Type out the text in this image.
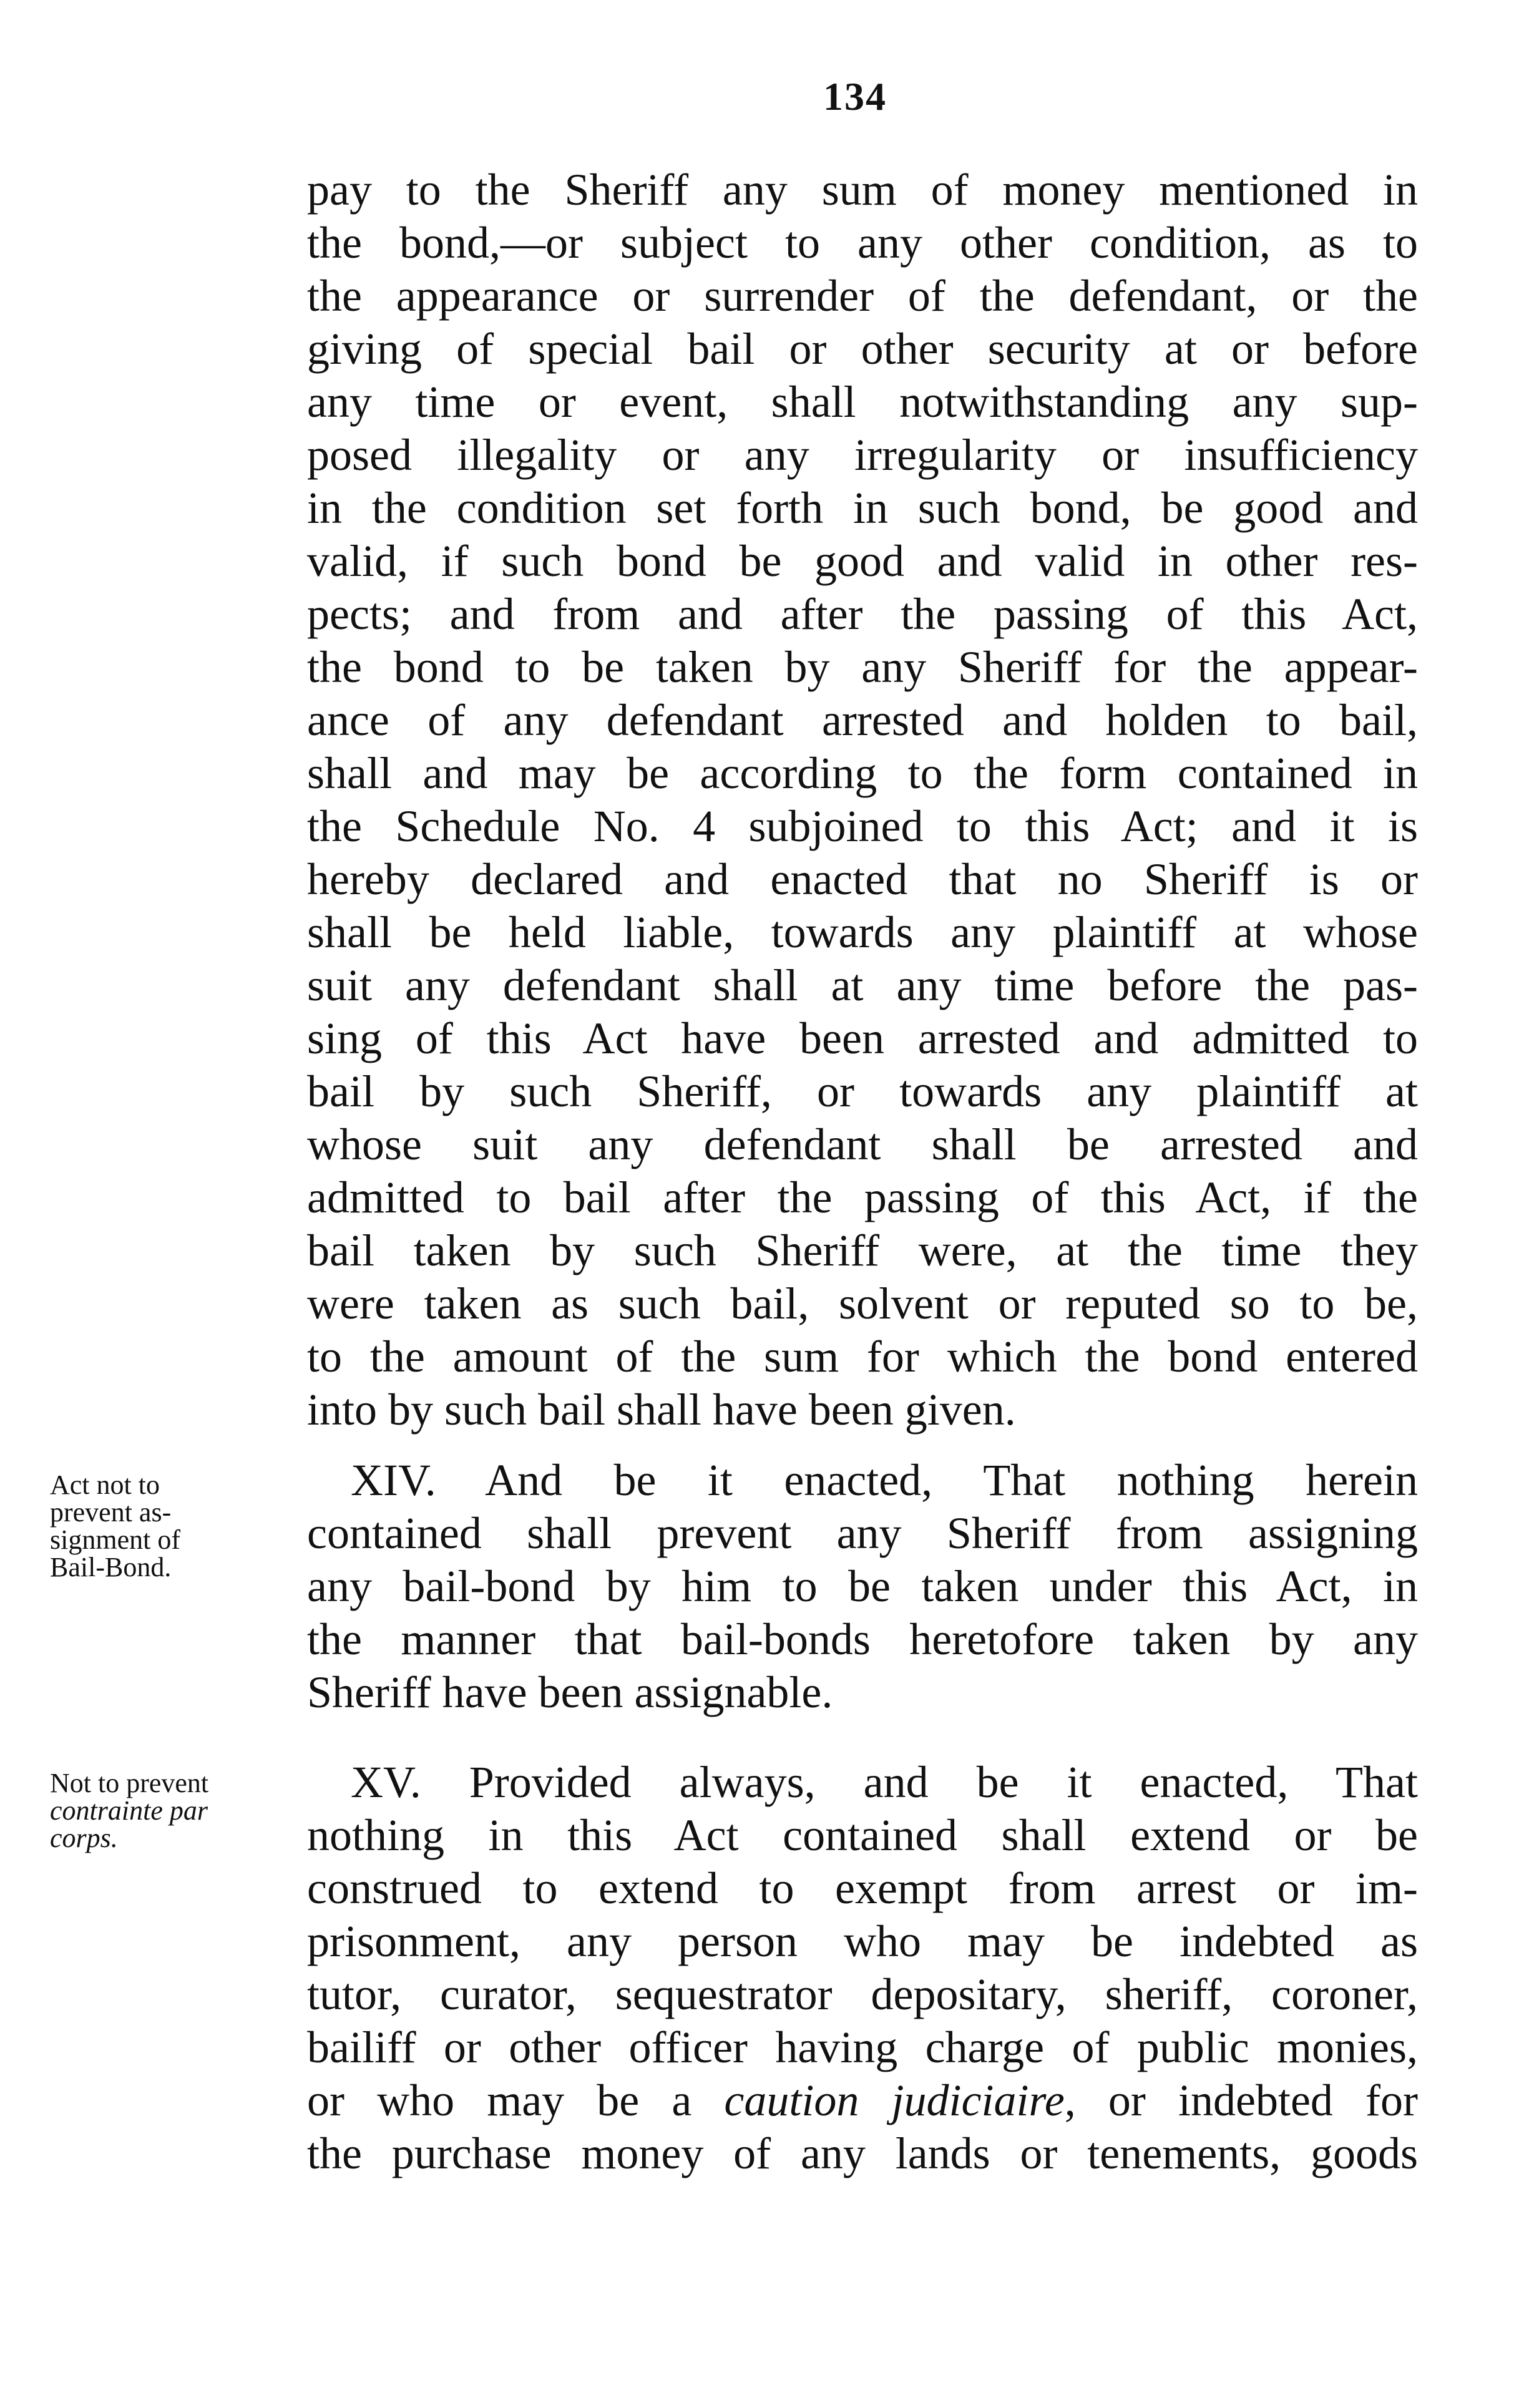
134
pay to the Sheriff any sum of money mentioned in
the bond,—or subject to any other condition, as to
the appearance or surrender of the defendant, or the
giving of special bail or other security at or before
any time or event, shall notwithstanding any sup-
posed illegality or any irregularity or insufficiency
in the condition set forth in such bond, be good and
valid, if such bond be good and valid in other res-
pects; and from and after the passing of this Act,
the bond to be taken by any Sheriff for the appear-
ance of any defendant arrested and holden to bail,
shall and may be according to the form contained in
the Schedule No. 4 subjoined to this Act; and it is
hereby declared and enacted that no Sheriff is or
shall be held liable, towards any plaintiff at whose
suit any defendant shall at any time before the pas-
sing of this Act have been arrested and admitted to
bail by such Sheriff, or towards any plaintiff at
whose suit any defendant shall be arrested and
admitted to bail after the passing of this Act, if the
bail taken by such Sheriff were, at the time they
were taken as such bail, solvent or reputed so to be,
to the amount of the sum for which the bond entered
into by such bail shall have been given.
Act not to
prevent as-
signment of
Bail-Bond.
XIV. And be it enacted, That nothing herein
contained shall prevent any Sheriff from assigning
any bail-bond by him to be taken under this Act, in
the manner that bail-bonds heretofore taken by any
Sheriff have been assignable.
Not to prevent
contrainte par
corps.
XV. Provided always, and be it enacted, That
nothing in this Act contained shall extend or be
construed to extend to exempt from arrest or im-
prisonment, any person who may be indebted as
tutor, curator, sequestrator depositary, sheriff, coroner,
bailiff or other officer having charge of public monies,
or who may be a caution judiciaire, or indebted for
the purchase money of any lands or tenements, goods
